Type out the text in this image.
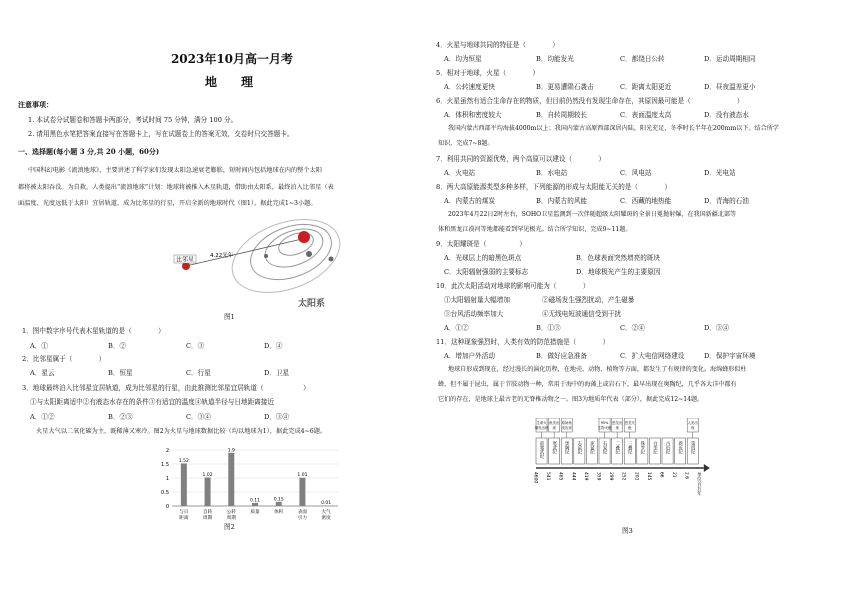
2023年10月高一月考
地　理
注意事项：
1. 本试卷分试题卷和答题卡两部分，考试时间 75 分钟，满分 100 分。
2. 请用黑色水笔把答案直接写在答题卡上，写在试题卷上的答案无效，交卷时只交答题卡。
一、选择题(每小题 3 分,共 20 小题，60分)
中国科幻电影《流浪地球》，主要讲述了科学家们发现太阳急速衰老膨胀，短时间内包括地球在内的整个太阳
都将被太阳吞没。为自救，人类提出“流浪地球”计划：地球将被推入木星轨道，借助由太阳系，最终泊入比邻星（表
面温度、光度远低于太阳）宜居轨道，成为比邻星的行星，开启全新的地球时代（图1）。据此完成1~3小题。
比邻星
4.22光年
太阳系
图1
1．图中数字序号代表木星轨道的是（　　　　）
A．①	B．②	C．③	D．④
2．比邻星属于（　　　　）
A．星云	B．恒星	C．行星	D．卫星
3．地球最终泊入比邻星宜居轨道，成为比邻星的行星，由此推测比邻星宜居轨道（　　　　　　）
①与太阳距离适中②有液态水存在的条件③有适宜的温度④轨道半径与日地距离接近
A．①②	B．②③	C．③④	D．③④
火星大气以二氧化碳为主，既稀薄又寒冷。图2为火星与地球数据比较（均以地球为1），据此完成4~6题。
0
0.5
1
1.5
2
1.52
与日
距离
1.02
自转
周期
1.9
公转
周期
0.11
质量
0.15
体积
1.01
表面
引力
0.01
大气
密度
图2
4．火星与地球共同的特征是（　　　　）
A．均为恒星	B．均能发光	C．都绕日公转	D．运动周期相同
5．相对于地球，火星（　　　　）
A．公转速度更快	B．更易遭陨石袭击	C．距离太阳更近	D．昼夜温差更小
6．火星虽然有适合生命存在的物质，但目前仍然没有发现生命存在，其原因最可能是（　　　　　　　）
A．体积和密度较大	B．自转周期较长	C．表面温度太高	D．没有液态水
我国内蒙古西部平均海拔4000m以上；我国内蒙古高原西部深居内陆，阳光充足，冬季时长半年在200mm以下。结合所学
知识，完成7~8题。
7．利用共同的资源优势，两个高原可以建设（　　　　）
A．火电站	B．水电站	C．风电站	D．光电站
8．两大高原能源类型多种多样，下列能源的形成与太阳能无关的是（　　　　）
A．内蒙古的煤炭	B．内蒙古的风能	C．西藏的地热能	D．青海的石油
2023年4月22日2时左右，SOHO卫星监测到一次伴随超级太阳耀斑的全景日冕抛射爆，在我国新疆北部等
体和黑龙江漠河等地都能看到罕见极光。结合所学知识，完成9~11题。
9．太阳耀斑是（　　　　　）
A．光球层上的暗黑色斑点	B．色球表面突然增亮的斑块
C．太阳辐射强弱的主要标志	D．地球极光产生的主要原因
10．此次太阳活动对地球的影响可能为（　　　　）
①太阳辐射量大幅增加	②磁场发生强烈扰动，产生磁暴
③台风活动频率加大	④无线电短波通信受到干扰
A．①②	B．①③	C．②④	D．③④
11．这种现象强烈时，人类有效的防范措施是（　　　　）
A．增加户外活动	B．做好应急准备	C．扩大电信网络建设	D．保护宇宙环境
地球自形成到现在，经过漫长的演化历程，在地壳、动物、植物等方面，都发生了有规律的变化。海绵蜂形似柱
蜂，但不属于昆虫，属于节肢动物一种，常用于海中的海藻上或岩石下，最早出现在奥陶纪，几乎各大洋中都有
它们的存在，是地球上最古老的无脊椎动物之一。图3为地质年代表（部分），据此完成12~14题。
生命大
爆发出现
鱼类出
现
原始鱼
类出现
95%
生物灭绝
恐龙出
现
恐龙灭
绝
人类出
现
前寒武纪 寒武纪 奥陶纪 志留纪 泥盆纪 石炭纪 二叠纪 三叠纪 侏罗纪 白垩纪 古近纪 新近纪 第四纪
4600 541 485 444 419 359 299 252 201 145 66 23 2.6 单位:百万年
图3
